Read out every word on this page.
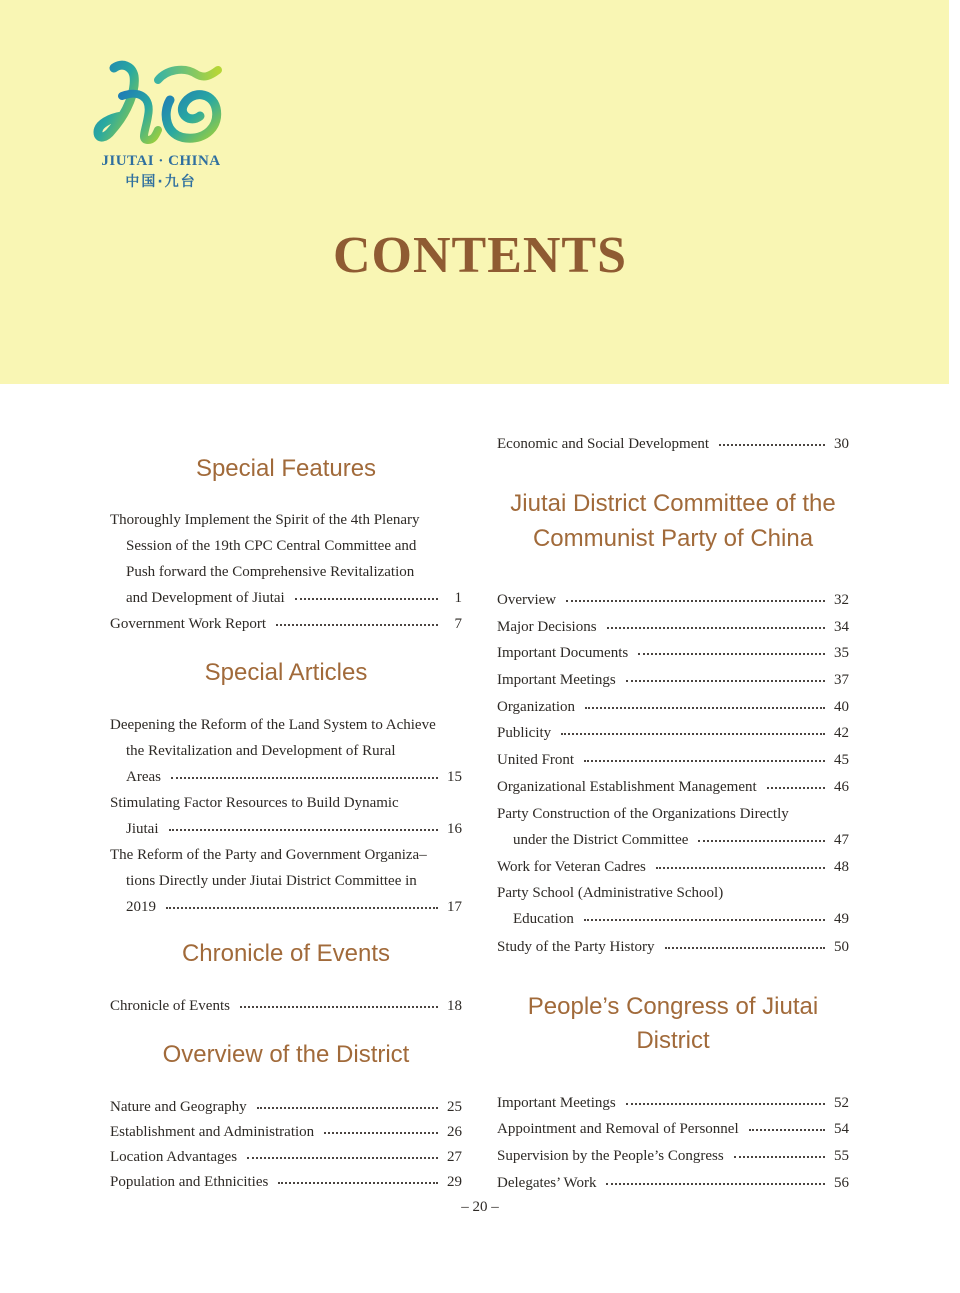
JIUTAI · CHINA
中国·九台
CONTENTS
Special Features
Thoroughly Implement the Spirit of the 4th Plenary
Session of the 19th CPC Central Committee and
Push forward the Comprehensive Revitalization
and Development of Jiutai	1
Government Work Report	7
Special Articles
Deepening the Reform of the Land System to Achieve
the Revitalization and Development of Rural
Areas	15
Stimulating Factor Resources to Build Dynamic
Jiutai	16
The Reform of the Party and Government Organiza–
tions Directly under Jiutai District Committee in
2019	17
Chronicle of Events
Chronicle of Events	18
Overview of the District
Nature and Geography	25
Establishment and Administration	26
Location Advantages	27
Population and Ethnicities	29
Economic and Social Development	30
Jiutai District Committee of the
Communist Party of China
Overview	32
Major Decisions	34
Important Documents	35
Important Meetings	37
Organization	40
Publicity	42
United Front	45
Organizational Establishment Management	46
Party Construction of the Organizations Directly
under the District Committee	47
Work for Veteran Cadres	48
Party School (Administrative School)
Education	49
Study of the Party History	50
People’s Congress of Jiutai
District
Important Meetings	52
Appointment and Removal of Personnel	54
Supervision by the People’s Congress	55
Delegates’ Work	56
– 20 –
